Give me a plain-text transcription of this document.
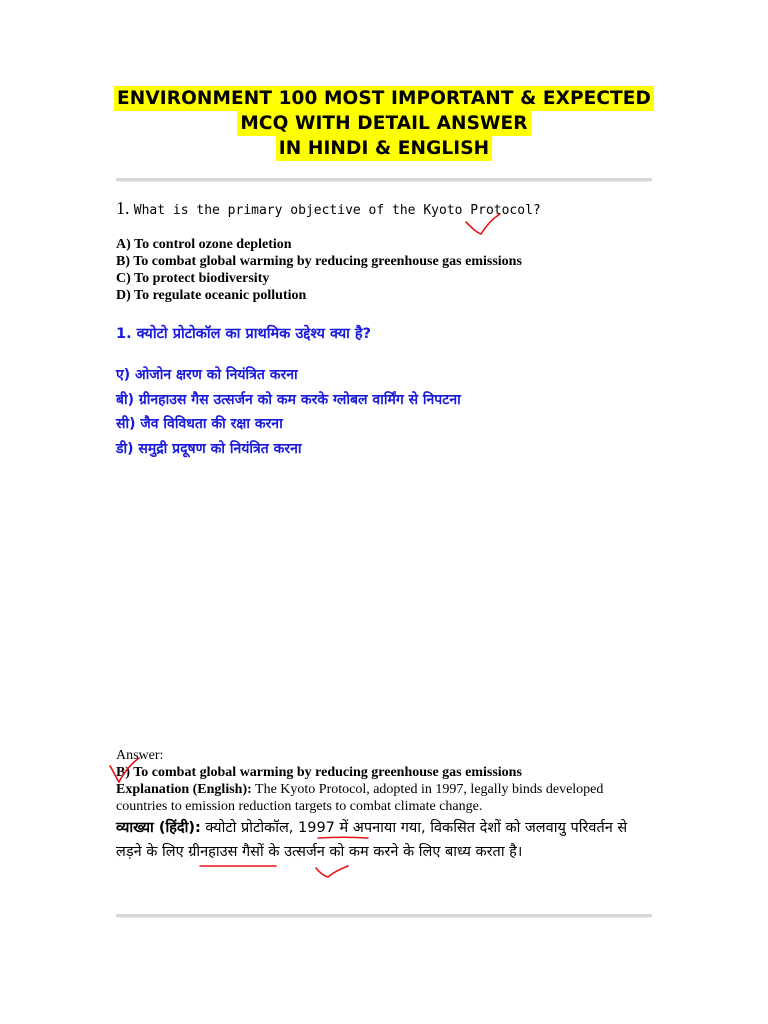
ENVIRONMENT 100 MOST IMPORTANT & EXPECTED
MCQ WITH DETAIL ANSWER
IN HINDI & ENGLISH
1. What is the primary objective of the Kyoto Protocol?
A) To control ozone depletion
B) To combat global warming by reducing greenhouse gas emissions
C) To protect biodiversity
D) To regulate oceanic pollution
1. क्योटो प्रोटोकॉल का प्राथमिक उद्देश्य क्या है?
ए) ओजोन क्षरण को नियंत्रित करना
बी) ग्रीनहाउस गैस उत्सर्जन को कम करके ग्लोबल वार्मिंग से निपटना
सी) जैव विविधता की रक्षा करना
डी) समुद्री प्रदूषण को नियंत्रित करना
Answer:
B) To combat global warming by reducing greenhouse gas emissions
Explanation (English): The Kyoto Protocol, adopted in 1997, legally binds developed countries to emission reduction targets to combat climate change.
व्याख्या (हिंदी): क्योटो प्रोटोकॉल, 1997 में अपनाया गया, विकसित देशों को जलवायु परिवर्तन से लड़ने के लिए ग्रीनहाउस गैसों के उत्सर्जन को कम करने के लिए बाध्य करता है।
